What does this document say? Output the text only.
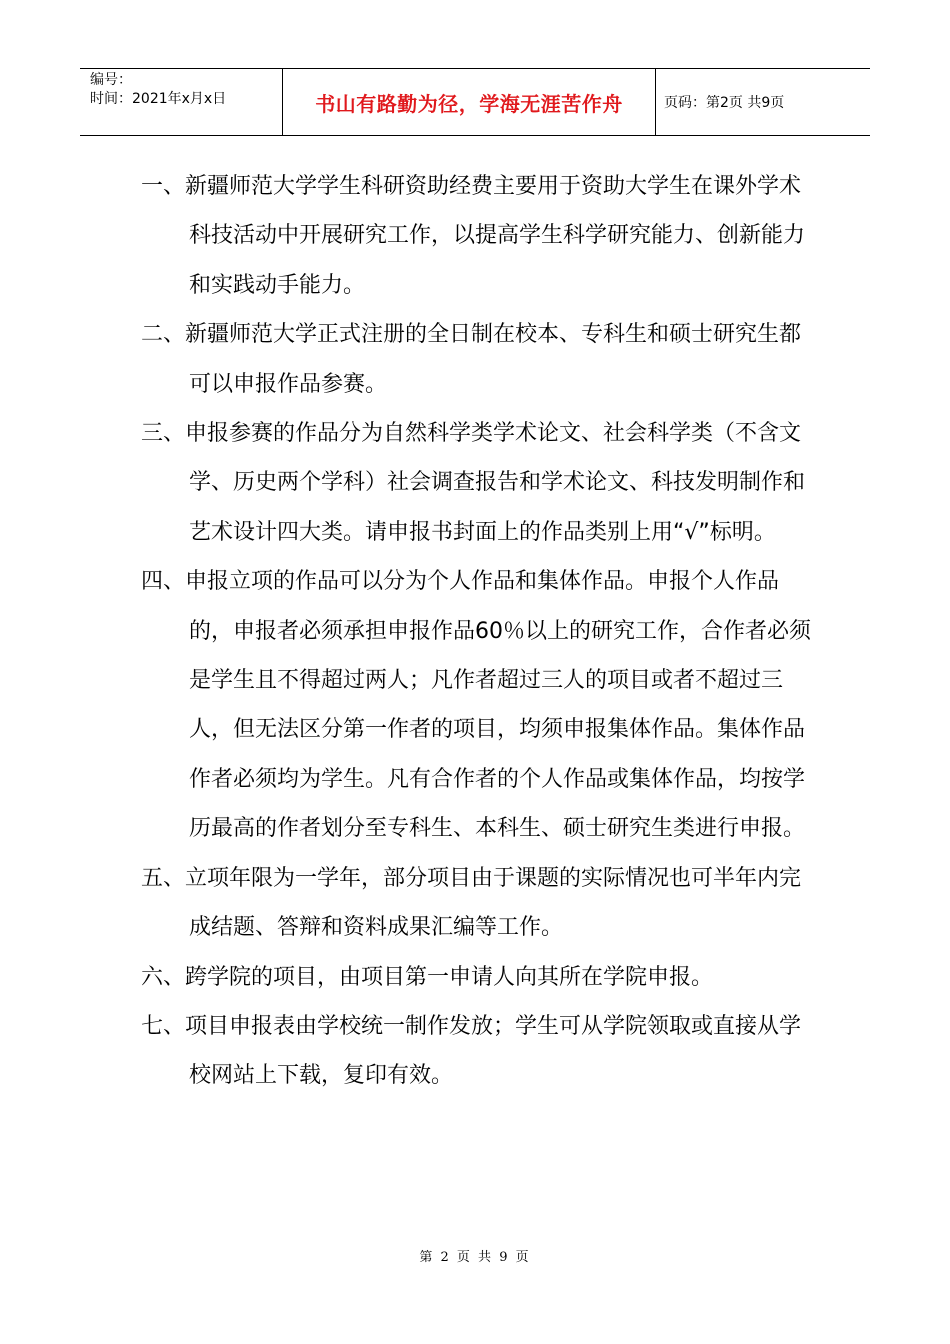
编号：
时间：2021年x月x日	书山有路勤为径，学海无涯苦作舟	页码：第2页 共9页

一、新疆师范大学学生科研资助经费主要用于资助大学生在课外学术科技活动中开展研究工作，以提高学生科学研究能力、创新能力和实践动手能力。

二、新疆师范大学正式注册的全日制在校本、专科生和硕士研究生都可以申报作品参赛。

三、申报参赛的作品分为自然科学类学术论文、社会科学类（不含文学、历史两个学科）社会调查报告和学术论文、科技发明制作和艺术设计四大类。请申报书封面上的作品类别上用“√”标明。

四、申报立项的作品可以分为个人作品和集体作品。申报个人作品的，申报者必须承担申报作品60％以上的研究工作，合作者必须是学生且不得超过两人；凡作者超过三人的项目或者不超过三人，但无法区分第一作者的项目，均须申报集体作品。集体作品作者必须均为学生。凡有合作者的个人作品或集体作品，均按学历最高的作者划分至专科生、本科生、硕士研究生类进行申报。

五、立项年限为一学年，部分项目由于课题的实际情况也可半年内完成结题、答辩和资料成果汇编等工作。

六、跨学院的项目，由项目第一申请人向其所在学院申报。

七、项目申报表由学校统一制作发放；学生可从学院领取或直接从学校网站上下载，复印有效。

第 2 页 共 9 页
